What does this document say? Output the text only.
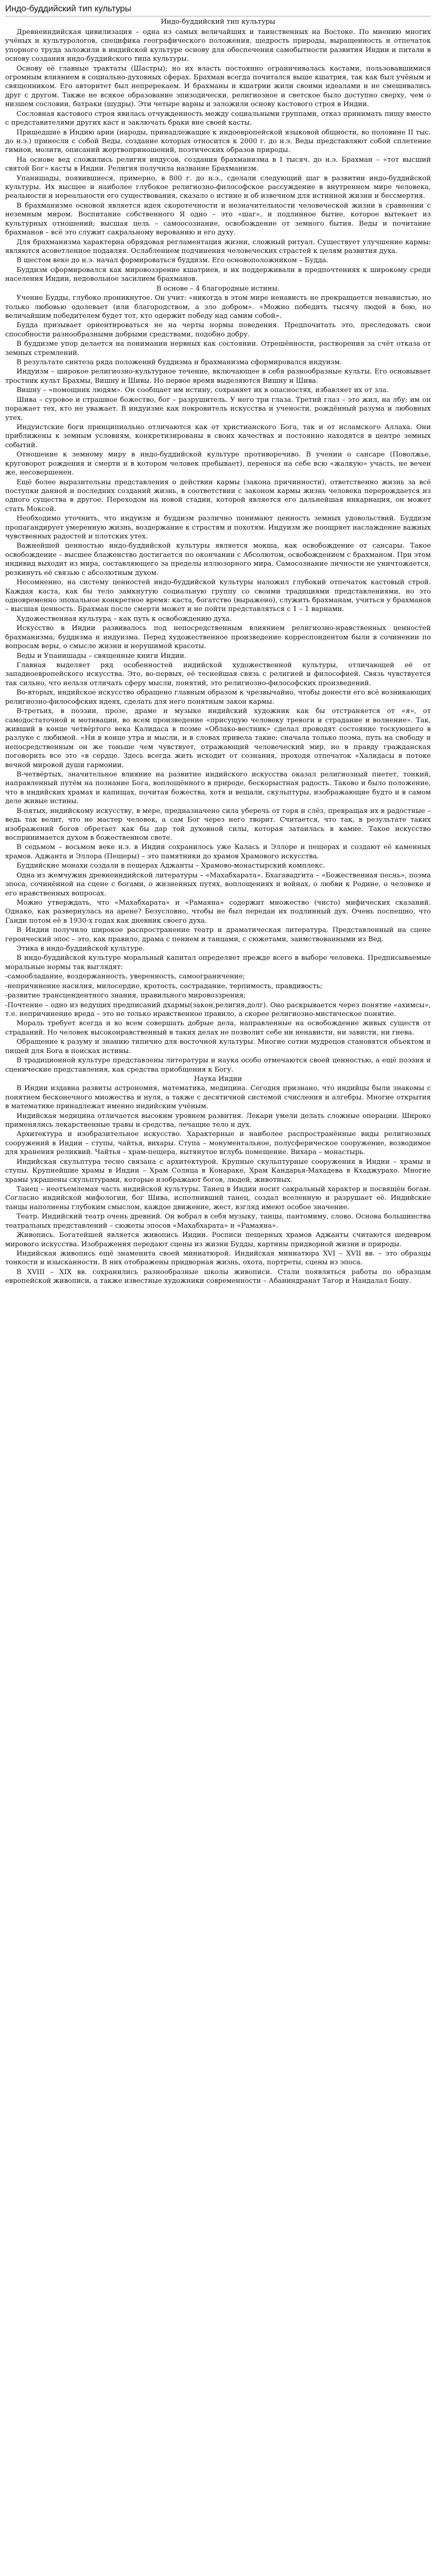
Индо-буддийский тип культуры
Индо-буддийский тип культуры

Древнеиндийская цивилизация – одна из самых величайших и таинственных на Востоке. По мнению многих учёных и культурологов, специфика географического положения, щедрость природы, выращенность и отпечаток упорного труда заложили в индийской культуре основу для обеспечения самобытности развития Индии и питали в основу создания индо-буддийского типа культуры.

Основу её главные трактаты (Шастры); но их власть постоянно ограничивалась кастами, пользовавшимися огромным влиянием в социально-духовных сферах. Брахман всегда почитался выше кшатрия, так как был учёным и священником. Его авторитет был непререкаем. И брахманы и кшатрии жили своими идеалами и не смешивались друг с другом. Также не всякое образование эпизодически, религиозное и светское было доступно сверху, чем о низшем сословии, батраки (шудры). Эти четыре варны и заложили основу кастового строя в Индии.

Сословная кастового строя явилась отчужденность между социальными группами, отказ принимать пищу вместе с представителями других каст и заключать браки вне своей касты.

Пришедшие в Индию арии (народы, принадлежащие к индоевропейской языковой общности, во половине II тыс. до н.э.) принесли с собой Веды, создание которых относится к 2000 г. до н.э. Веды представляют собой сплетение гимнов, молитв, описаний жертвоприношений, поэтических образов природы.

На основе вед сложились религия индусов, создания брахманизма в I тысяч. до н.э. Брахман – «тот высший святой Бог» касты в Индии. Религия получила название Брахманизм.

Упанишады, появившиеся, примерно, в 800 г. до н.э., сделали следующий шаг в развитии индо-буддийской культуры. Их высшее и наиболее глубокое религиозно-философское рассуждение в внутреннем мире человека, реальности и нереальности его существования, сказало о истине и об извечном для истинной жизни и бессмертия.

В брахманизме основой является идея скоротечности и незначительности человеческой жизни в сравнении с неземным миром. Воспитание собственного Я одно – это «шаг», и подлинное бытие, которое вытекает из культурных отношений; высшая цель – самоосознание, освобождение от земного бытия. Веды и почитание брахманов – всё это служит сакральному верованию и его духу.

Для брахманизма характерна обрядовая регламентация жизни, сложный ритуал. Существует улучшение кармы: являются асоветленное подавляя. Ослаблением подчинения человеческих страстей к целям развития духа.

В шестом веке до н.э. начал формироваться буддизм. Его основоположником – Будда.

Буддизм сформировался как мировоззрение кшатриев, и их поддерживали в предпочтениях к широкому среди населения Индии, недовольное засилием брахманов.

В основе – 4 благородные истины.

Учение Будды, глубоко проникнутое. Он учит: «никогда в этом мире ненависть не прекращается ненавистью, но только любовью одолевает (или благородством, а зло добром». «Можно победить тысячу людей в бою, но величайшим победителем будет тот, кто одержит победу над самим собой».

Будда призывает ориентироваться не на черты нормы поведения. Предпочитать это, преследовать свои способности разнообразными добрыми средствами, подобно добру.

В буддизме упор делается на понимании нервных как состоянии. Отрешённости, растворения за счёт отказа от земных стремлений.

В результате синтеза ряда положений буддизма и брахманизма сформировался индуизм.

Индуизм – широкое религиозно-культурное течение, включающее в себя разнообразные культы. Его основывает тростник культ Брахмы, Вишну и Шивы. Но первое время выделяются Вишну и Шива.

Вишну – «помощник людям». Он сообщает им истину, сохраняет их в опасностях, избавляет их от зла.

Шива – суровое и страшное божество, бог – разрушитель. У него три глаза. Третий глаз – это жил, на лбу; им он поражает тех, кто не уважает. В индуизме как покровитель искусства и учености, рождённый разума и любовных утех.

Индуистские боги принципиально отличаются как от христианского Бога, так и от исламского Аллаха. Они приближены к земным условиям, конкретизированы в своих качествах и постоянно находятся в центре земных событий.

Отношение к земному миру в индо-буддийской культуре противоречиво. В учении о сансаре (Поволжье, круговорот рождения и смерти и в котором человек пребывает), перенося на себе всю «жалкую» участь, не вечен же, несовершенен.

Ещё более выразительны представления о действии кармы (закона причинности), ответственно жизнь за всё поступки данной и последних созданий жизнь, в соответствии с законом кармы жизнь человека перерождается из одного существа в другое. Переходом на новой стадии, которой является его дальнейшая инкарнация, он может стать Моксой.

Необходимо уточнить, что индуизм и буддизм различно понимают ценность земных удовольствий. Буддизм пропагандирует умеренную жизнь, воздержание к страстям и похотям. Индуизм же поощряет наслаждение важных чувственных радостей и плотских утех.

Важнейшей ценностью индо-буддийской культуры является мокша, как освобождение от сансары. Такое освобождение – высшее блаженство достигается по окончании с Абсолютом, освобождением с брахманом. При этом индивид выходит из мира, составляющего за пределы иллюзорного мира. Самосознание личности не уничтожается, резкинуть её связью с абсолютным духом.

Несомненно, на систему ценностей индо-буддийской культуры наложил глубокий отпечаток кастовый строй. Каждая каста, как бы тело замкнутую социальную группу со своими традициями представлениями, но это одновременно эпохальное конкретное время: каста, богатство (выражено), служить брахманам, учиться у брахманов – высшая ценность. Брахман после смерти может и не пойти представляться с 1 – 1 варнами.

Художественная культура – как путь к освобождению духа.

Искусство в Индии развивалось под непосредственным влиянием религиозно-нравственных ценностей брахманизма, буддизма и индуизма. Перед художественное произведение корреспондентом были в сочинении по вопросам веры, о смысле жизни и нерушимой красоты.

Веды и Упанишады – священные книги Индии.

Главная выделяет ряд особенностей индийской художественной культуры, отличающей её от западноевропейского искусства. Это, во-первых, её теснейшая связь с религией и философией. Связь чувствуется так сильно, что нельзя отличать сферу мысли, понятий, это религиозно-философских произведений.

Во-вторых, индийское искусство обращено главным образом к чрезвычайно, чтобы донести его всё возникающих религиозно-философских идеях, сделать для него понятным закон кармы.

В-третьих, в поэзии, прозе, драме и музыке индийский художник как бы отстраняется от «я», от самодостаточной и мотивации, во всем произведение «присущую человеку тревоги и страдание и волнение». Так, живший в конце четвёртого века Калидаса в поэме «Облако-вестник» сделал проводят состояние тоскующего в разлуке с любимой. «Ни в конце утра и мысли, и в словах привела такие: сначала только поэма, путь на свободу и непосредственным он же тоньше чем чувствует, отражающий человеческий мир, но в правду гражданская поговорить все это «в сердце. Здесь всегда жить исходит от сознания, проходя отпечаток «Халидасы в потоке вечной мировой души гармонии.

В-четвёртых, значительное влияние на развитие индийского искусства оказал религиозный пиетет, тонкий, направленный путём на познание Бога, воплощённого в природе, бескорыстная радость. Таково и было положение, что в индийских храмах и капищах, почитая божества, хотя и вещали, скульптуры, изображающие будто и в самом деле живые истины.

В-пятых, индийскому искусству, в мере, предназначено сила уберечь от горя и слёз, превращая их в радостные – ведь так велит, что не мастер человек, а сам Бог через него творит. Считается, что так, в результате таких изображений богов обретает как бы дар той духовной силы, которая затаилась в камне. Такое искусство воспринимается духом в божественном свете.

В седьмом – восьмом веке н.э. в Индии сохранилось уже Калась и Эллоре и пещерах и создают её каменных храмов. Аджанта и Эллора (Пещеры) – это памятники до храмов Храмового искусства.

Буддийские монахи создали в пещерах Аджанты – Храмово-монастырский комплекс.

Одна из жемчужин древнеиндийской литературы – «Махабхарата». Бхагавадгита – «Божественная песнь», поэма эпоса, сочинённой на сцене с богами, о жизненных путях, воплощениях и войнах, о любви к Родине, о человеке и его нравственных вопросах.

Можно утверждать, что «Махабхарата» и «Рамаяна» содержит множество (чисто) мифических сказаний. Однако, как развернулась на арене? Безусловно, чтобы не был передан их подлинный дух. Очень поспешно, что Ганди потом её в 1930-х годах как дневник своего духа.

В Индии получило широкое распространение театр и драматическая литература. Представленный на сцене героический эпос – это, как правило, драма с пением и танцами, с сюжетами, заимствованными из Вед.

Этика в индо-буддийской культуре.

В индо-буддийской культуре моральный капитал определяет прежде всего в выборе человека. Предписываемые моральные нормы так выглядят:

-самообладание, воздержанность, уверенность, самоограничение;

-непричинение насилия, милосердие, кротость, сострадание, терпимость, правдивость;

-развитие трансцендентного знания, правильного мировоззрения;

-Почтение – одно из ведущих предписаний дхармы(закон,религия,долг). Оно раскрывается через понятие «ахимсы», т.е. непричинение вреда – это не только нравственное правило, а скорее религиозно-мистическое понятие.

Мораль требует всегда и во всем совершать добрые дела, направленные на освобождение живых существ от страданий. Но человек высоконравственный в таких делах не позволит себе ни ненависти, ни зависти, ни гнева.

Обращение к разуму и знанию типично для восточной культуры. Многие сотни мудрецов становятся объектом и пищей для Бога в поисках истины.

В традиционной культуре представлены литературы и наука особо отмечаются своей ценностью, а ещё поэзия и сценические представления, как средства приобщения к Богу.

Наука Индии

В Индии издавна развиты астрономия, математика, медицина. Сегодня признано, что индийцы были знакомы с понятием бесконечного множества и нуля, а также с десятичной системой счисления и алгебры. Многие открытия в математике принадлежат именно индийским учёным.

Индийская медицина отличается высоким уровнем развития. Лекари умели делать сложные операции. Широко применялись лекарственные травы и средства, лечащие тело и дух.

Архитектура и изобразительное искусство. Характерные и наиболее распространённые виды религиозных сооружений в Индии – ступы, чайтья, вихары. Ступа – монументальное, полусферическое сооружение, возводимое для хранения реликвий. Чайтья – храм-пещера, вытянутое вглубь помещение. Вихара – монастырь.

Индийская скульптура тесно связана с архитектурой. Крупные скульптурные сооружения в Индии – храмы и ступы. Крупнейшие храмы в Индии – Храм Солнца в Конараке, Храм Кандарья-Махадева в Кхаджурахо. Многие храмы украшены скульптурами, которые изображают богов, людей, животных.

Танец – неотъемлемая часть индийской культуры. Танец в Индии носит сакральный характер и посвящён богам. Согласно индийской мифологии, бог Шива, исполнивший танец, создал вселенную и разрушает её. Индийские танцы наполнены глубоким смыслом, каждое движение, жест, взгляд имеют особое значение.

Театр. Индийский театр очень древний. Он вобрал в себя музыку, танцы, пантомиму, слово. Основа большинства театральных представлений – сюжеты эпосов «Махабхарата» и «Рамаяна».

Живопись. Богатейшей является живопись Индии. Росписи пещерных храмов Аджанты считаются шедевром мирового искусства. Изображения передают сцены из жизни Будды, картины придворной жизни и природы.

Индийская живопись ещё знаменита своей миниатюрой. Индийская миниатюра XVI – XVII вв. – это образцы тонкости и изысканности. В них отображены придворная жизнь, охота, портреты, сцены из эпоса.

В XVIII – XIX вв. сохранились разнообразные школы живописи. Стали появляться работы по образцам европейской живописи, а также известные художники современности – Абаниндранат Тагор и Нандалал Бошу.
